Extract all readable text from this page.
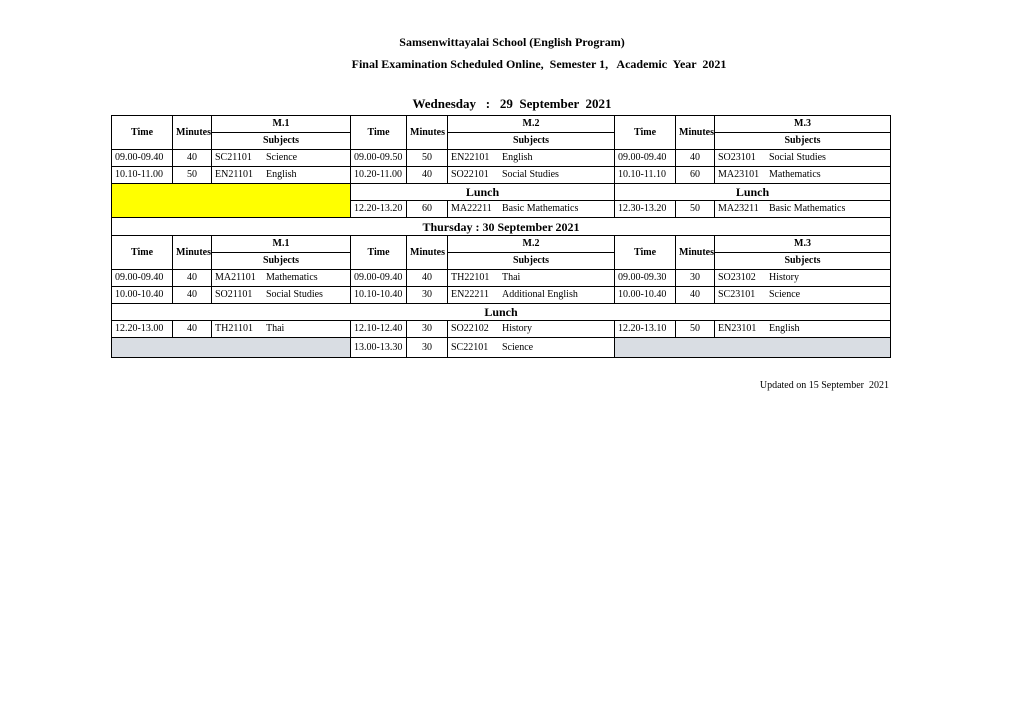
Samsenwittayalai School (English Program)
Final Examination Scheduled Online,  Semester 1,   Academic  Year  2021
Wednesday   :   29  September  2021
Time	Minutes	M.1	Time	Minutes	M.2	Time	Minutes	M.3
		Subjects			Subjects			Subjects
09.00-09.40	40	SC21101 Science	09.00-09.50	50	EN22101 English	09.00-09.40	40	SO23101 Social Studies
10.10-11.00	50	EN21101 English	10.20-11.00	40	SO22101 Social Studies	10.10-11.10	60	MA23101 Mathematics
			Lunch			Lunch		
			12.20-13.20	60	MA22211 Basic Mathematics	12.30-13.20	50	MA23211 Basic Mathematics
Thursday : 30 September 2021								
Time	Minutes	M.1	Time	Minutes	M.2	Time	Minutes	M.3
		Subjects			Subjects			Subjects
09.00-09.40	40	MA21101 Mathematics	09.00-09.40	40	TH22101 Thai	09.00-09.30	30	SO23102 History
10.00-10.40	40	SO21101 Social Studies	10.10-10.40	30	EN22211 Additional English	10.00-10.40	40	SC23101 Science
Lunch								
12.20-13.00	40	TH21101 Thai	12.10-12.40	30	SO22102 History	12.20-13.10	50	EN23101 English
			13.00-13.30	30	SC22101 Science			
Updated on 15 September  2021
